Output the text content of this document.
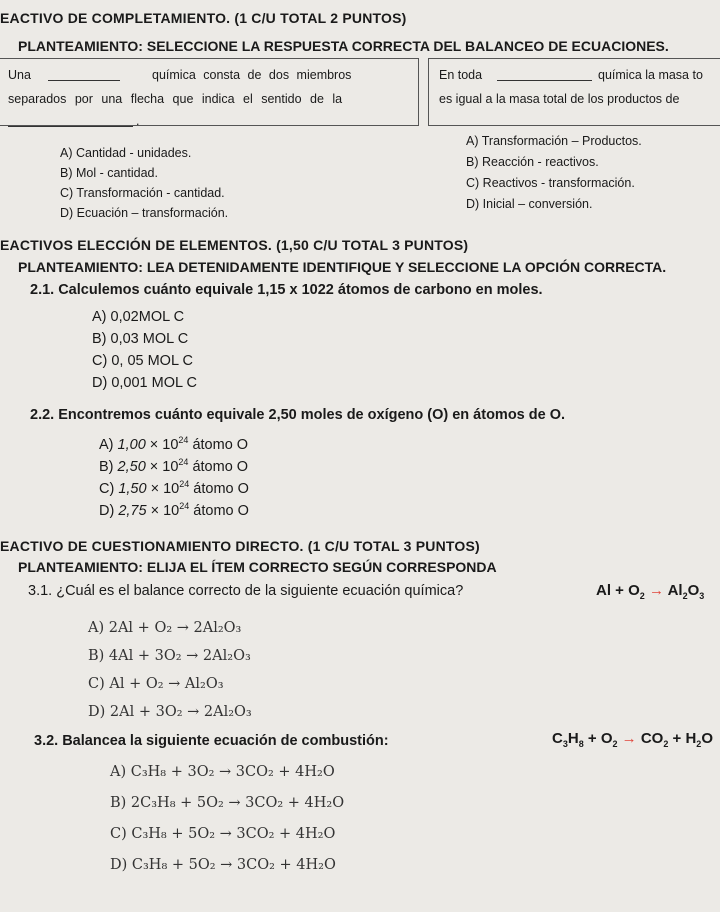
EACTIVO DE COMPLETAMIENTO. (1 C/U TOTAL 2 PUNTOS)
PLANTEAMIENTO: SELECCIONE LA RESPUESTA CORRECTA DEL BALANCEO DE ECUACIONES.
Una	química consta de dos miembros
separados por una flecha que indica el sentido de la
.
En toda	química la masa to
es igual a la masa total de los productos de
A) Cantidad - unidades.
B) Mol - cantidad.
C) Transformación - cantidad.
D) Ecuación – transformación.
A) Transformación – Productos.
B) Reacción - reactivos.
C) Reactivos - transformación.
D) Inicial – conversión.
EACTIVOS ELECCIÓN DE ELEMENTOS. (1,50 C/U TOTAL 3 PUNTOS)
PLANTEAMIENTO: LEA DETENIDAMENTE IDENTIFIQUE Y SELECCIONE LA OPCIÓN CORRECTA.
2.1. Calculemos cuánto equivale 1,15 x 1022 átomos de carbono en moles.
A) 0,02MOL C
B) 0,03 MOL C
C) 0, 05 MOL C
D) 0,001 MOL C
2.2. Encontremos cuánto equivale 2,50 moles de oxígeno (O) en átomos de O.
A) $1,00 \times 10^{24}$ átomo O
B) $2,50 \times 10^{24}$ átomo O
C) $1,50 \times 10^{24}$ átomo O
D) $2,75 \times 10^{24}$ átomo O
EACTIVO DE CUESTIONAMIENTO DIRECTO. (1 C/U TOTAL 3 PUNTOS)
PLANTEAMIENTO: ELIJA EL ÍTEM CORRECTO SEGÚN CORRESPONDA
3.1. ¿Cuál es el balance correcto de la siguiente ecuación química?	$Al + O_2 \to Al_2O_3$
A) 2Al + O₂ → 2Al₂O₃
B) 4Al + 3O₂ → 2Al₂O₃
C) Al + O₂ → Al₂O₃
D) 2Al + 3O₂ → 2Al₂O₃
3.2. Balancea la siguiente ecuación de combustión:	$C_3H_8 + O_2 \to CO_2 + H_2O$
A) C₃H₈ + 3O₂ → 3CO₂ + 4H₂O
B) 2C₃H₈ + 5O₂ → 3CO₂ + 4H₂O
C) C₃H₈ + 5O₂ → 3CO₂ + 4H₂O
D) C₃H₈ + 5O₂ → 3CO₂ + 4H₂O
